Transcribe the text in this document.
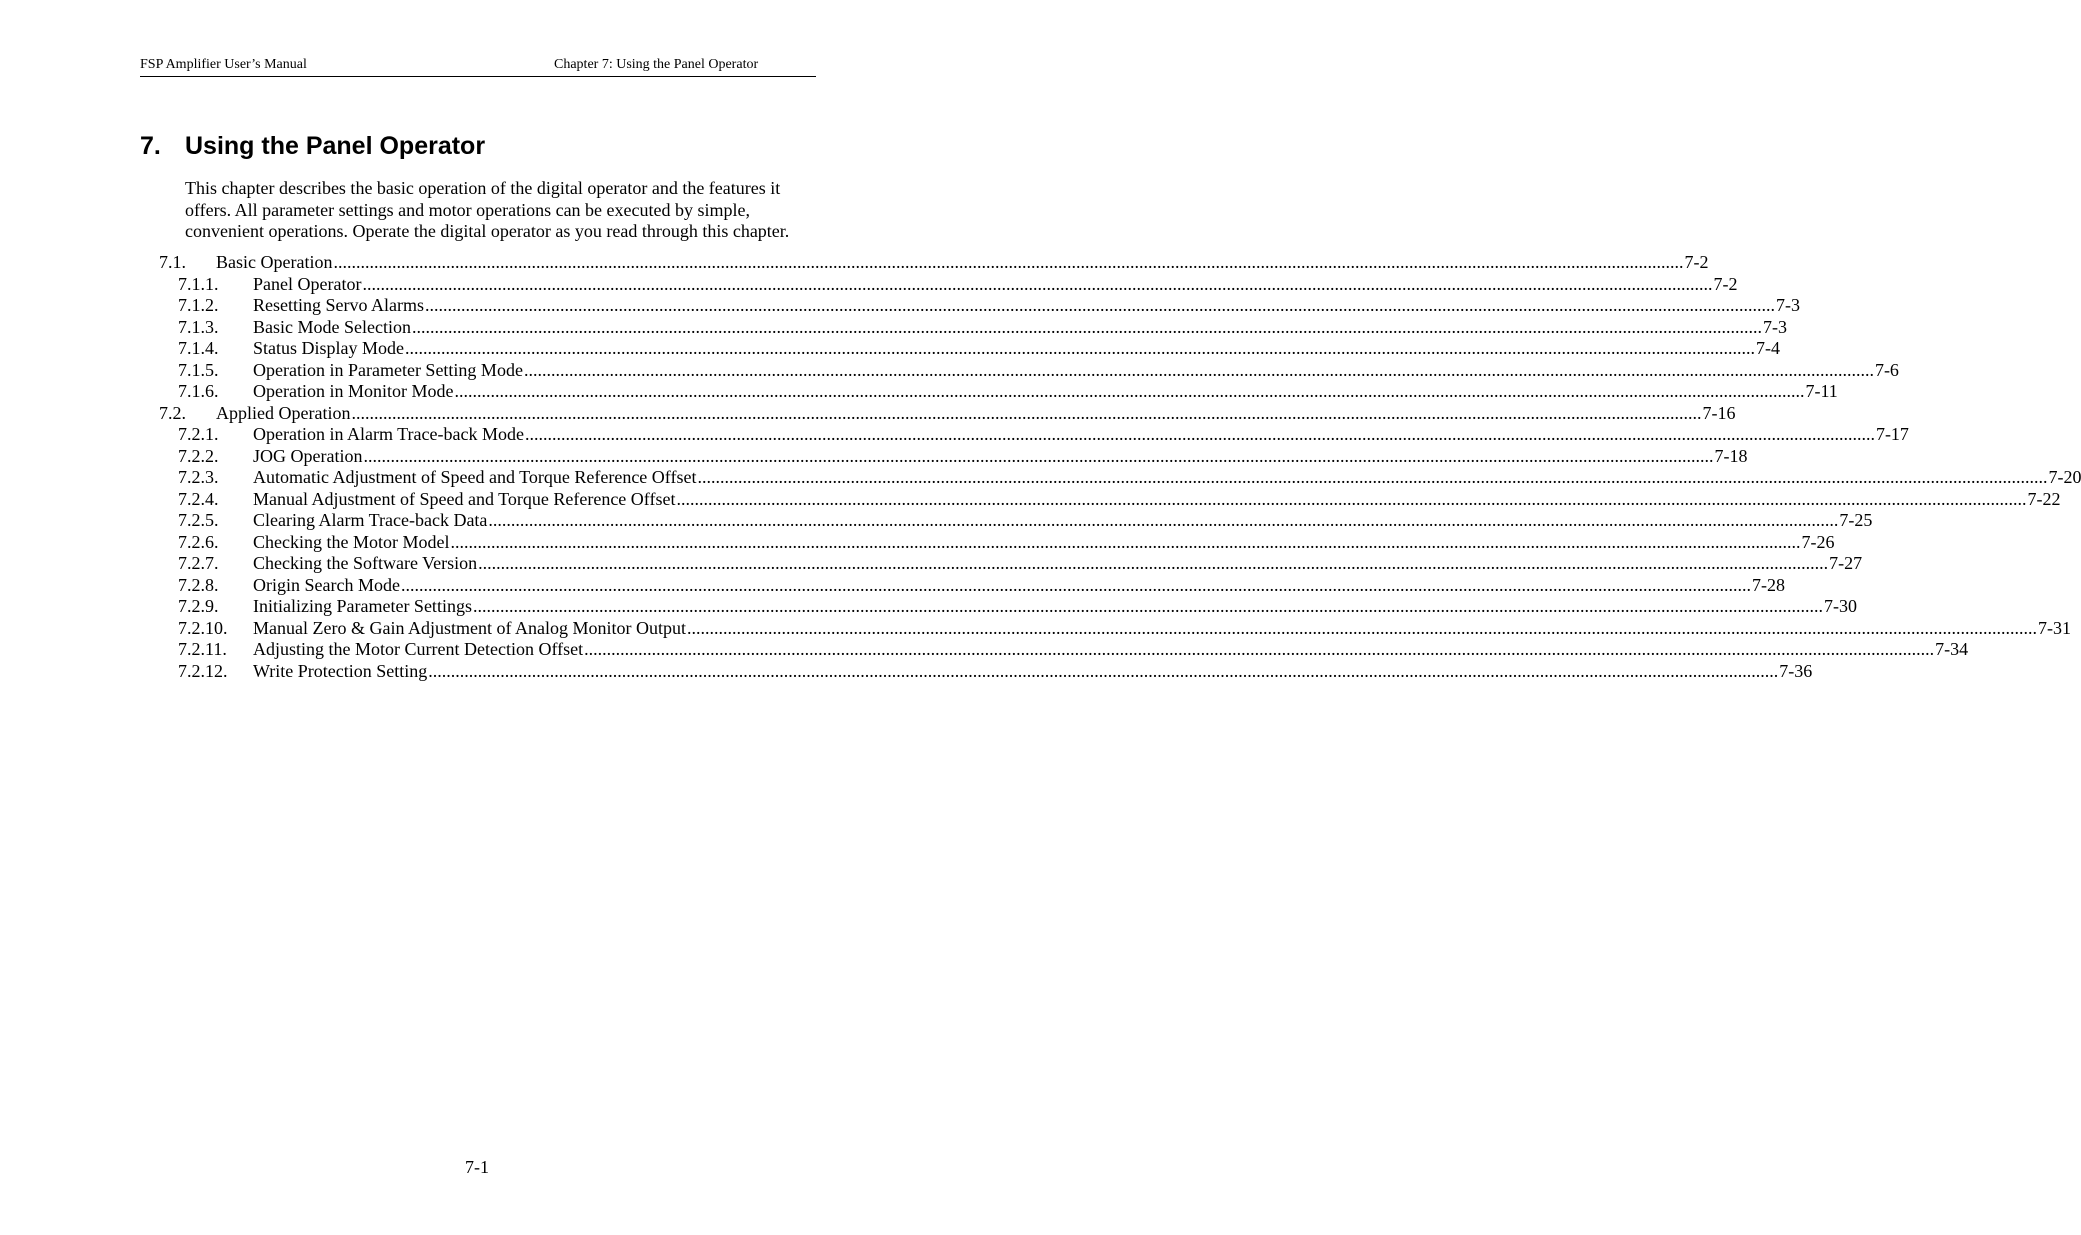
FSP Amplifier User’s Manual	Chapter 7: Using the Panel Operator
7. Using the Panel Operator

This chapter describes the basic operation of the digital operator and the features it offers. All parameter settings and motor operations can be executed by simple, convenient operations. Operate the digital operator as you read through this chapter.

7.1. Basic Operation ............................................................................................................................................................................................................................................................................................................ 7-2
7.1.1. Panel Operator ............................................................................................................................................................................................................................................................................................................ 7-2
7.1.2. Resetting Servo Alarms ............................................................................................................................................................................................................................................................................................................ 7-3
7.1.3. Basic Mode Selection ............................................................................................................................................................................................................................................................................................................ 7-3
7.1.4. Status Display Mode ............................................................................................................................................................................................................................................................................................................ 7-4
7.1.5. Operation in Parameter Setting Mode ............................................................................................................................................................................................................................................................................................................ 7-6
7.1.6. Operation in Monitor Mode ............................................................................................................................................................................................................................................................................................................ 7-11
7.2. Applied Operation ............................................................................................................................................................................................................................................................................................................ 7-16
7.2.1. Operation in Alarm Trace-back Mode ............................................................................................................................................................................................................................................................................................................ 7-17
7.2.2. JOG Operation ............................................................................................................................................................................................................................................................................................................ 7-18
7.2.3. Automatic Adjustment of Speed and Torque Reference Offset ............................................................................................................................................................................................................................................................................................................ 7-20
7.2.4. Manual Adjustment of Speed and Torque Reference Offset ............................................................................................................................................................................................................................................................................................................ 7-22
7.2.5. Clearing Alarm Trace-back Data ............................................................................................................................................................................................................................................................................................................ 7-25
7.2.6. Checking the Motor Model ............................................................................................................................................................................................................................................................................................................ 7-26
7.2.7. Checking the Software Version ............................................................................................................................................................................................................................................................................................................ 7-27
7.2.8. Origin Search Mode ............................................................................................................................................................................................................................................................................................................ 7-28
7.2.9. Initializing Parameter Settings ............................................................................................................................................................................................................................................................................................................ 7-30
7.2.10. Manual Zero & Gain Adjustment of Analog Monitor Output ............................................................................................................................................................................................................................................................................................................ 7-31
7.2.11. Adjusting the Motor Current Detection Offset ............................................................................................................................................................................................................................................................................................................ 7-34
7.2.12. Write Protection Setting ............................................................................................................................................................................................................................................................................................................ 7-36
7-1
